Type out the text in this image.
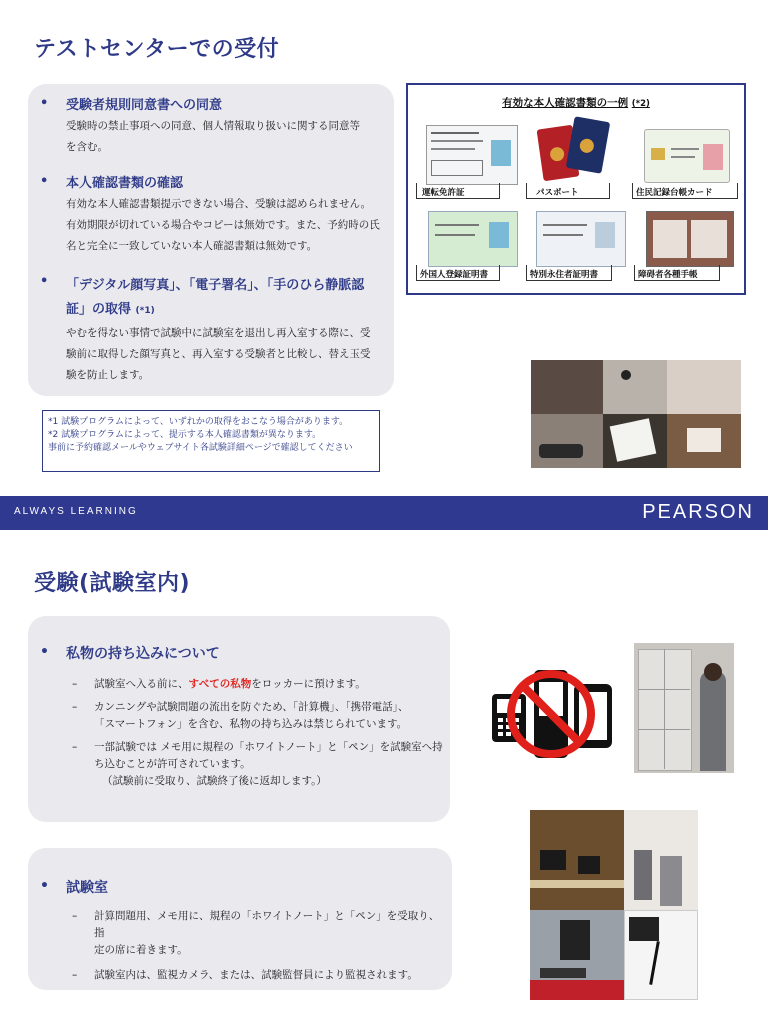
テストセンターでの受付
•	受験者規則同意書への同意
受験時の禁止事項への同意、個人情報取り扱いに関する同意等
を含む。
•	本人確認書類の確認
有効な本人確認書類提示できない場合、受験は認められません。
有効期限が切れている場合やコピーは無効です。また、予約時の氏
名と完全に一致していない本人確認書類は無効です。
•	「デジタル顔写真」、「電子署名」、「手のひら静脈認
証」の取得 (*1)
やむを得ない事情で試験中に試験室を退出し再入室する際に、受
験前に取得した顔写真と、再入室する受験者と比較し、替え玉受
験を防止します。
*1 試験プログラムによって、いずれかの取得をおこなう場合があります。
*2 試験プログラムによって、提示する本人確認書類が異なります。
事前に予約確認メールやウェブサイト各試験詳細ページで確認してください
有効な本人確認書類の一例 (*2)
運転免許証	パスポート	住民記録台帳カード
外国人登録証明書	特別永住者証明書	障碍者各種手帳
ALWAYS LEARNING	PEARSON
受験(試験室内)
•	私物の持ち込みについて
–	試験室へ入る前に、すべての私物をロッカーに預けます。
–	カンニングや試験問題の流出を防ぐため、「計算機」、「携帯電話」、
「スマートフォン」を含む、私物の持ち込みは禁じられています。
–	一部試験では メモ用に規程の「ホワイトノート」と「ペン」を試験室へ持
ち込むことが許可されています。
（試験前に受取り、試験終了後に返却します。）
•	試験室
–	計算問題用、メモ用に、規程の「ホワイトノート」と「ペン」を受取り、指
定の席に着きます。
–	試験室内は、監視カメラ、または、試験監督員により監視されます。
